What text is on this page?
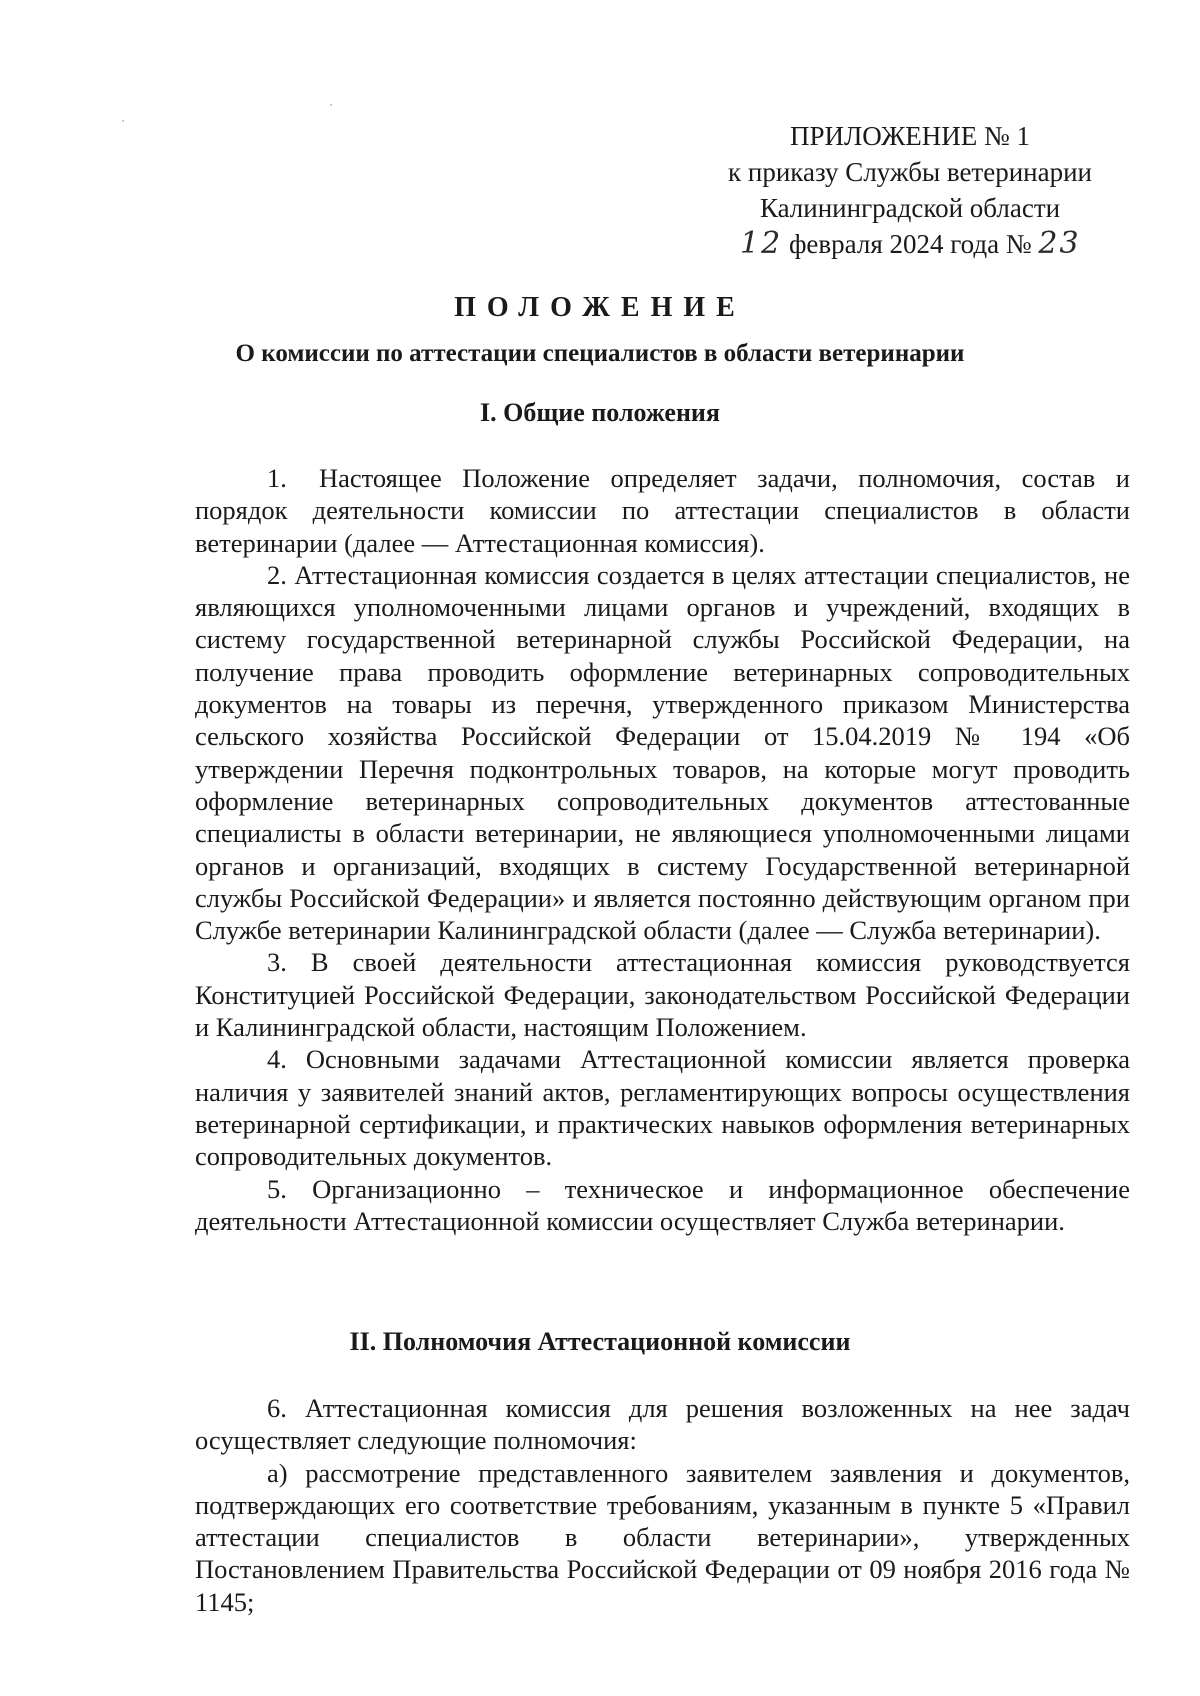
ПРИЛОЖЕНИЕ № 1
к приказу Службы ветеринарии
Калининградской области
12 февраля 2024 года № 23
ПОЛОЖЕНИЕ
О комиссии по аттестации специалистов в области ветеринарии
I. Общие положения

1. Настоящее Положение определяет задачи, полномочия, состав и порядок деятельности комиссии по аттестации специалистов в области ветеринарии (далее — Аттестационная комиссия).

2. Аттестационная комиссия создается в целях аттестации специалистов, не являющихся уполномоченными лицами органов и учреждений, входящих в систему государственной ветеринарной службы Российской Федерации, на получение права проводить оформление ветеринарных сопроводительных документов на товары из перечня, утвержденного приказом Министерства сельского хозяйства Российской Федерации от 15.04.2019 № 194 «Об утверждении Перечня подконтрольных товаров, на которые могут проводить оформление ветеринарных сопроводительных документов аттестованные специалисты в области ветеринарии, не являющиеся уполномоченными лицами органов и организаций, входящих в систему Государственной ветеринарной службы Российской Федерации» и является постоянно действующим органом при Службе ветеринарии Калининградской области (далее — Служба ветеринарии).

3. В своей деятельности аттестационная комиссия руководствуется Конституцией Российской Федерации, законодательством Российской Федерации и Калининградской области, настоящим Положением.

4. Основными задачами Аттестационной комиссии является проверка наличия у заявителей знаний актов, регламентирующих вопросы осуществления ветеринарной сертификации, и практических навыков оформления ветеринарных сопроводительных документов.

5. Организационно – техническое и информационное обеспечение деятельности Аттестационной комиссии осуществляет Служба ветеринарии.

II. Полномочия Аттестационной комиссии

6. Аттестационная комиссия для решения возложенных на нее задач осуществляет следующие полномочия:

а) рассмотрение представленного заявителем заявления и документов, подтверждающих его соответствие требованиям, указанным в пункте 5 «Правил аттестации специалистов в области ветеринарии», утвержденных Постановлением Правительства Российской Федерации от 09 ноября 2016 года № 1145;
